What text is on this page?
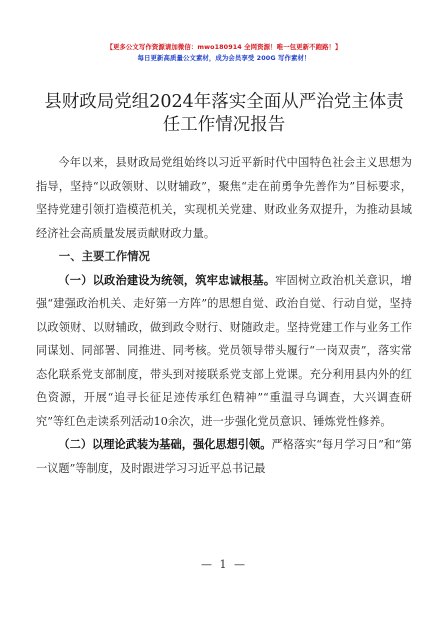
【更多公文写作资源请加微信：mwo180914 全网资源！唯一包更新不跑路！】
每日更新高质量公文素材，成为会员享受 200G 写作素材！
县财政局党组2024年落实全面从严治党主体责任工作情况报告

今年以来，县财政局党组始终以习近平新时代中国特色社会主义思想为指导，坚持“以政领财、以财辅政”，聚焦“走在前勇争先善作为”目标要求，坚持党建引领打造模范机关，实现机关党建、财政业务双提升，为推动县域经济社会高质量发展贡献财政力量。

一、主要工作情况

（一）以政治建设为统领，筑牢忠诚根基。牢固树立政治机关意识，增强“建强政治机关、走好第一方阵”的思想自觉、政治自觉、行动自觉，坚持以政领财、以财辅政，做到政令财行、财随政走。坚持党建工作与业务工作同谋划、同部署、同推进、同考核。党员领导带头履行“一岗双责”，落实常态化联系党支部制度，带头到对接联系党支部上党课。充分利用县内外的红色资源，开展“追寻长征足迹传承红色精神”“重温寻乌调查，大兴调查研究”等红色走读系列活动10余次，进一步强化党员意识、锤炼党性修养。

（二）以理论武装为基础，强化思想引领。严格落实“每月学习日”和“第一议题”等制度，及时跟进学习习近平总书记最

— 1 —
